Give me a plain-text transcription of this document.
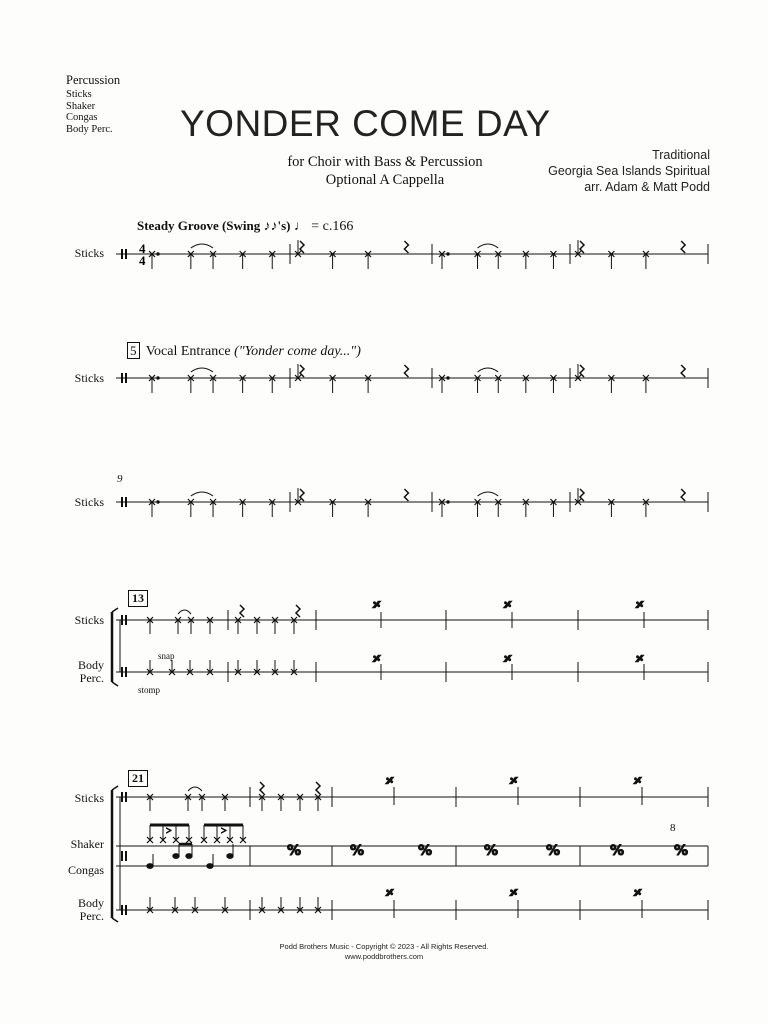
Percussion
Sticks
Shaker
Congas
Body Perc. YONDER COME DAY
for Choir with Bass & Percussion
Optional A Cappella
Traditional
Georgia Sea Islands Spiritual
arr. Adam & Matt Podd
Steady Groove (Swing ♪♪'s) ♩ = c.166
5 Vocal Entrance ("Yonder come day...")
9
13
21
Sticks
Sticks
Sticks
Sticks
Body
Perc.
Sticks
Shaker
Congas
Body
Perc.
snap
stomp
8
𝄎
𝄎
𝄎
𝄎
𝄎
𝄎
>	>
%	%	%	%	%	%	%
𝄎
𝄎
𝄎
𝄎
𝄎
𝄎
4
4
Podd Brothers Music - Copyright © 2023 - All Rights Reserved.
www.poddbrothers.com
